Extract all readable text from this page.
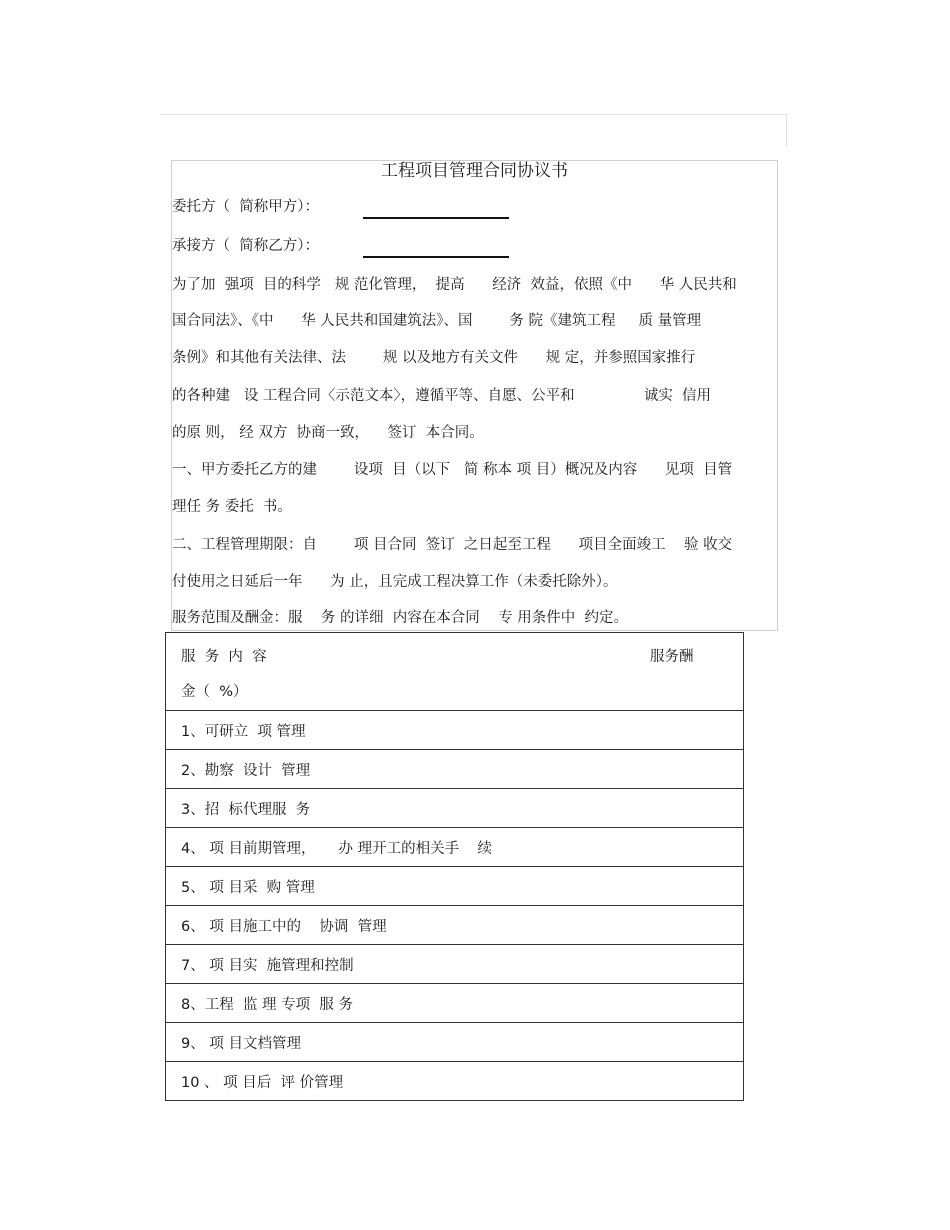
工程项目管理合同协议书
委托方（  简称甲方）：
承接方（  简称乙方）：
为了加  强项  目的科学   规 范化管理，  提高      经济  效益，依照《中      华 人民共和
国合同法》、《中      华 人民共和国建筑法》、国        务 院《建筑工程     质 量管理
条例》和其他有关法律、法        规 以及地方有关文件      规 定，并参照国家推行
的各种建   设 工程合同〈示范文本〉，遵循平等、自愿、公平和               诚实  信用
的原 则， 经 双方  协商一致，    签订  本合同。
一、甲方委托乙方的建        设项  目（以下   简 称本 项 目）概况及内容      见项  目管
理任 务 委托  书。
二、工程管理期限：自        项 目合同  签订  之日起至工程      项目全面竣工    验 收交
付使用之日延后一年      为 止，且完成工程决算工作（未委托除外）。
服务范围及酬金：服    务 的详细  内容在本合同    专 用条件中  约定。
服  务  内  容	服务酬
金（  %）
1、可研立  项 管理
2、勘察  设计  管理
3、招  标代理服  务
4、 项 目前期管理，     办 理开工的相关手    续
5、 项 目采  购 管理
6、 项 目施工中的    协调  管理
7、 项 目实  施管理和控制
8、工程  监 理 专项  服 务
9、 项 目文档管理
10 、 项 目后  评 价管理
